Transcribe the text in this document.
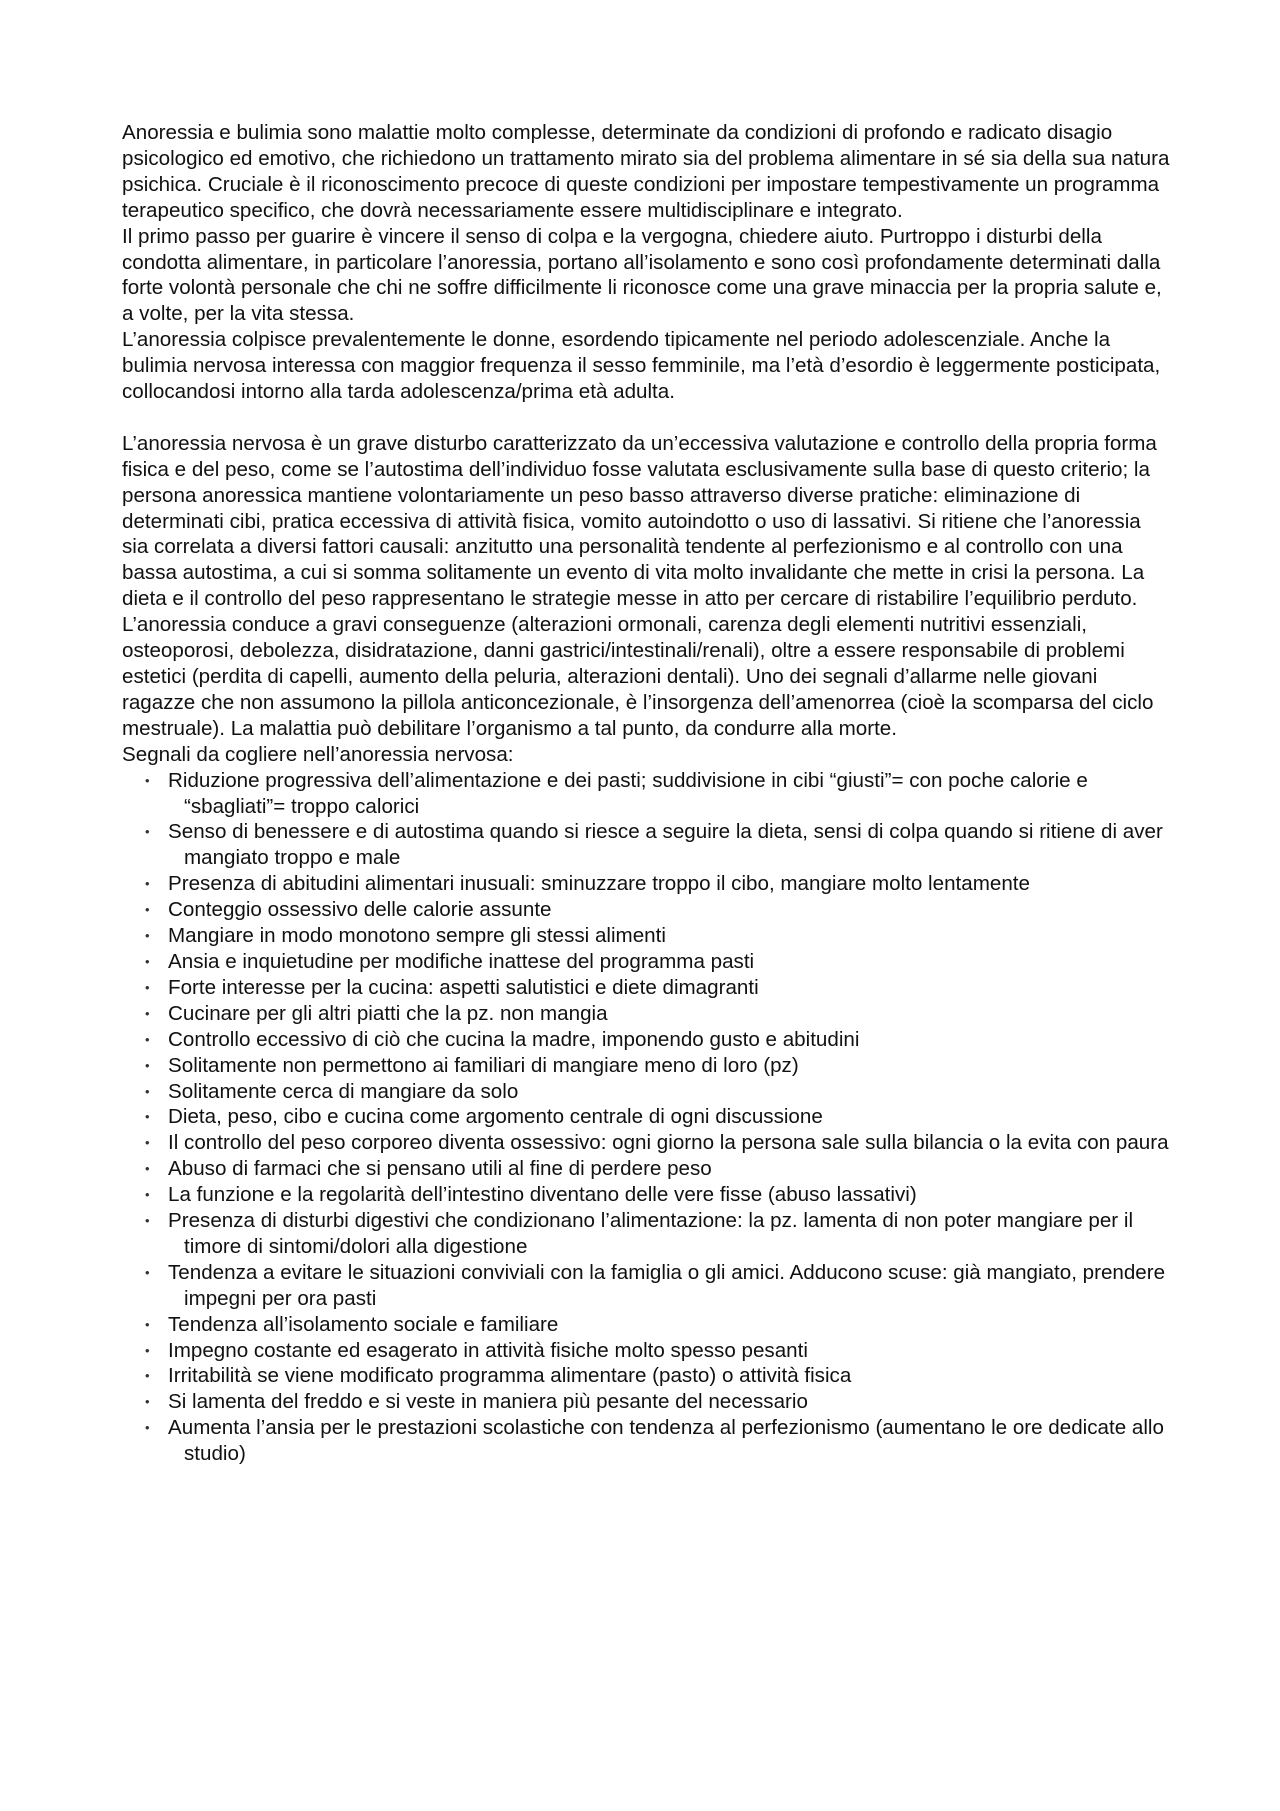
Anoressia e bulimia sono malattie molto complesse, determinate da condizioni di profondo e radicato disagio psicologico ed emotivo, che richiedono un trattamento mirato sia del problema alimentare in sé sia della sua natura psichica. Cruciale è il riconoscimento precoce di queste condizioni per impostare tempestivamente un programma terapeutico specifico, che dovrà necessariamente essere multidisciplinare e integrato.

Il primo passo per guarire è vincere il senso di colpa e la vergogna, chiedere aiuto. Purtroppo i disturbi della condotta alimentare, in particolare l’anoressia, portano all’isolamento e sono così profondamente determinati dalla forte volontà personale che chi ne soffre difficilmente li riconosce come una grave minaccia per la propria salute e, a volte, per la vita stessa.

L’anoressia colpisce prevalentemente le donne, esordendo tipicamente nel periodo adolescenziale. Anche la bulimia nervosa interessa con maggior frequenza il sesso femminile, ma l’età d’esordio è leggermente posticipata, collocandosi intorno alla tarda adolescenza/prima età adulta.

L’anoressia nervosa è un grave disturbo caratterizzato da un’eccessiva valutazione e controllo della propria forma fisica e del peso, come se l’autostima dell’individuo fosse valutata esclusivamente sulla base di questo criterio; la persona anoressica mantiene volontariamente un peso basso attraverso diverse pratiche: eliminazione di determinati cibi, pratica eccessiva di attività fisica, vomito autoindotto o uso di lassativi. Si ritiene che l’anoressia sia correlata a diversi fattori causali: anzitutto una personalità tendente al perfezionismo e al controllo con una bassa autostima, a cui si somma solitamente un evento di vita molto invalidante che mette in crisi la persona. La dieta e il controllo del peso rappresentano le strategie messe in atto per cercare di ristabilire l’equilibrio perduto.

L’anoressia conduce a gravi conseguenze (alterazioni ormonali, carenza degli elementi nutritivi essenziali, osteoporosi, debolezza, disidratazione, danni gastrici/intestinali/renali), oltre a essere responsabile di problemi estetici (perdita di capelli, aumento della peluria, alterazioni dentali). Uno dei segnali d’allarme nelle giovani ragazze che non assumono la pillola anticoncezionale, è l’insorgenza dell’amenorrea (cioè la scomparsa del ciclo mestruale). La malattia può debilitare l’organismo a tal punto, da condurre alla morte.

Segnali da cogliere nell’anoressia nervosa:

• Riduzione progressiva dell’alimentazione e dei pasti; suddivisione in cibi “giusti”= con poche calorie e “sbagliati”= troppo calorici
• Senso di benessere e di autostima quando si riesce a seguire la dieta, sensi di colpa quando si ritiene di aver mangiato troppo e male
• Presenza di abitudini alimentari inusuali: sminuzzare troppo il cibo, mangiare molto lentamente
• Conteggio ossessivo delle calorie assunte
• Mangiare in modo monotono sempre gli stessi alimenti
• Ansia e inquietudine per modifiche inattese del programma pasti
• Forte interesse per la cucina: aspetti salutistici e diete dimagranti
• Cucinare per gli altri piatti che la pz. non mangia
• Controllo eccessivo di ciò che cucina la madre, imponendo gusto e abitudini
• Solitamente non permettono ai familiari di mangiare meno di loro (pz)
• Solitamente cerca di mangiare da solo
• Dieta, peso, cibo e cucina come argomento centrale di ogni discussione
• Il controllo del peso corporeo diventa ossessivo: ogni giorno la persona sale sulla bilancia o la evita con paura
• Abuso di farmaci che si pensano utili al fine di perdere peso
• La funzione e la regolarità dell’intestino diventano delle vere fisse (abuso lassativi)
• Presenza di disturbi digestivi che condizionano l’alimentazione: la pz. lamenta di non poter mangiare per il timore di sintomi/dolori alla digestione
• Tendenza a evitare le situazioni conviviali con la famiglia o gli amici. Adducono scuse: già mangiato, prendere impegni per ora pasti
• Tendenza all’isolamento sociale e familiare
• Impegno costante ed esagerato in attività fisiche molto spesso pesanti
• Irritabilità se viene modificato programma alimentare (pasto) o attività fisica
• Si lamenta del freddo e si veste in maniera più pesante del necessario
• Aumenta l’ansia per le prestazioni scolastiche con tendenza al perfezionismo (aumentano le ore dedicate allo studio)
